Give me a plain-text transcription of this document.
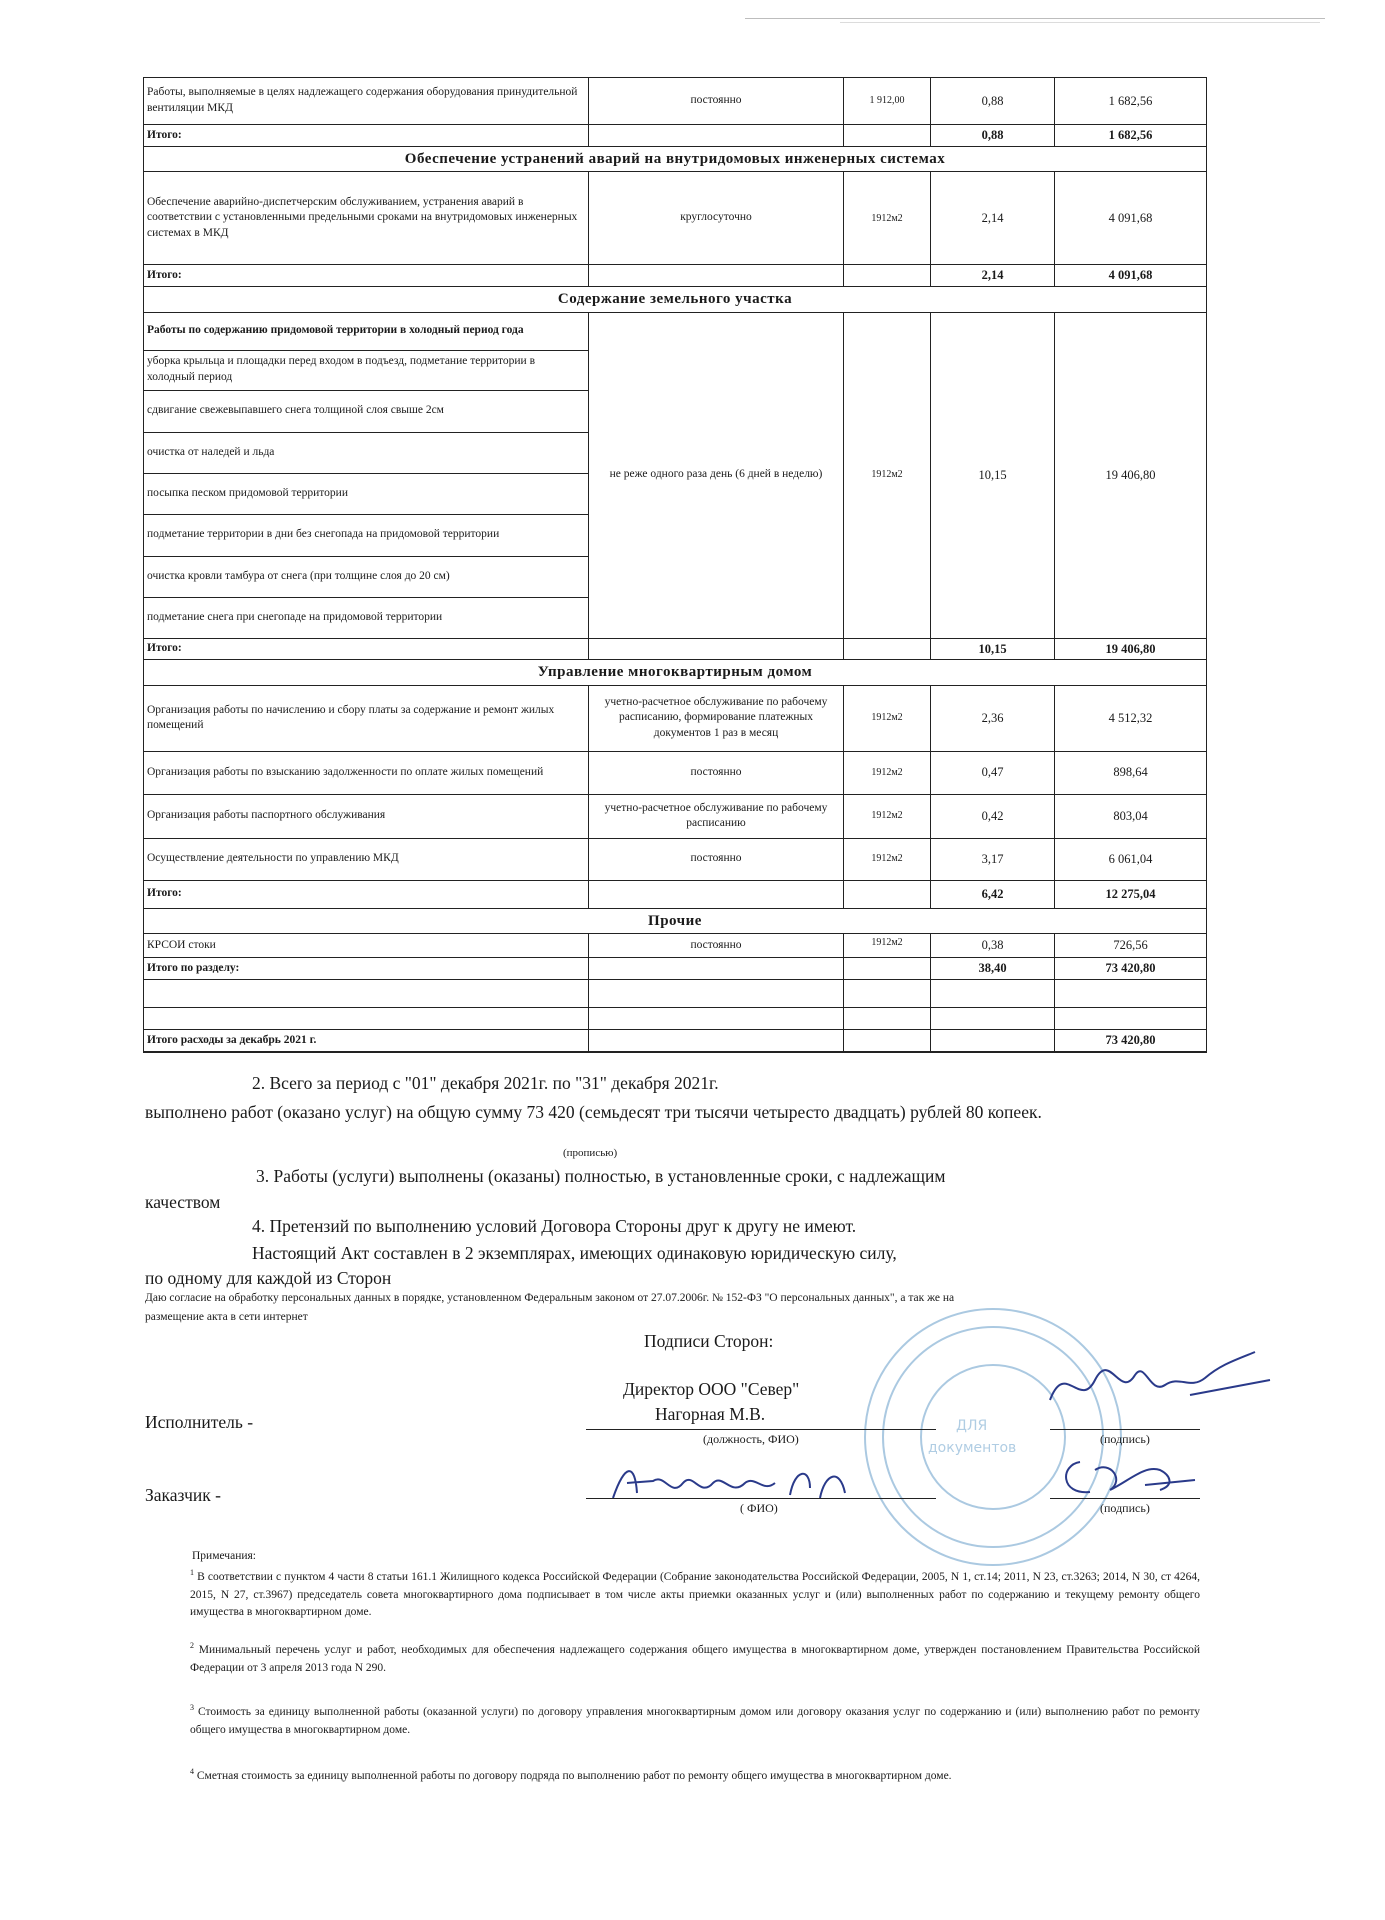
Работы, выполняемые в целях надлежащего содержания оборудования принудительной вентиляции МКД	постоянно	1 912,00	0,88	1 682,56
Итого:			0,88	1 682,56
Обеспечение устранений аварий на внутридомовых инженерных системах				
Обеспечение аварийно-диспетчерским обслуживанием, устранения аварий в соответствии с установленными предельными сроками на внутридомовых инженерных системах в МКД	круглосуточно	1912м2	2,14	4 091,68
Итого:			2,14	4 091,68
Содержание земельного участка				
Работы по содержанию придомовой территории в холодный период года	не реже одного раза день (6 дней в неделю)	1912м2	10,15	19 406,80
уборка крыльца и площадки перед входом в подъезд, подметание территории в холодный период				
сдвигание свежевыпавшего снега толщиной слоя свыше 2см				
очистка от наледей и льда				
посыпка песком придомовой территории				
подметание территории в дни без снегопада на придомовой территории				
очистка кровли тамбура от снега (при толщине слоя до 20 см)				
подметание снега при снегопаде на придомовой территории				
Итого:			10,15	19 406,80
Управление многоквартирным домом				
Организация работы по начислению и сбору платы за содержание и ремонт жилых помещений	учетно-расчетное обслуживание по рабочему расписанию, формирование платежных документов 1 раз в месяц	1912м2	2,36	4 512,32
Организация работы по взысканию задолженности по оплате жилых помещений	постоянно	1912м2	0,47	898,64
Организация работы паспортного обслуживания	учетно-расчетное обслуживание по рабочему расписанию	1912м2	0,42	803,04
Осуществление деятельности по управлению МКД	постоянно	1912м2	3,17	6 061,04
Итого:			6,42	12 275,04
Прочие				
КРСОИ стоки	постоянно	1912м2	0,38	726,56
Итого по разделу:			38,40	73 420,80

Итого расходы за декабрь 2021 г.				73 420,80
2. Всего за период с "01" декабря 2021г. по "31" декабря 2021г.
выполнено работ (оказано услуг) на общую сумму 73 420 (семьдесят три тысячи четыресто двадцать) рублей 80 копеек.
(прописью)
3. Работы (услуги) выполнены (оказаны) полностью, в установленные сроки, с надлежащим
качеством
4. Претензий по выполнению условий Договора Стороны друг к другу не имеют.
Настоящий Акт составлен в 2 экземплярах, имеющих одинаковую юридическую силу,
по одному для каждой из Сторон
Даю согласие на обработку персональных данных в порядке, установленном Федеральным законом от 27.07.2006г. № 152-ФЗ "О персональных данных", а так же на
размещение акта в сети интернет
ДЛЯ
документов
Подписи Сторон:
Директор ООО "Север"
Нагорная М.В.
Исполнитель -
(должность, ФИО)	(подпись)
Заказчик -
( ФИО)	(подпись)
Примечания:
$^1$ В соответствии с пунктом 4 части 8 статьи 161.1 Жилищного кодекса Российской Федерации (Собрание законодательства Российской Федерации, 2005, N 1, ст.14; 2011, N 23, ст.3263; 2014, N 30, ст 4264, 2015, N 27, ст.3967) председатель совета многоквартирного дома подписывает в том числе акты приемки оказанных услуг и (или) выполненных работ по содержанию и текущему ремонту общего имущества в многоквартирном доме.
$^2$ Минимальный перечень услуг и работ, необходимых для обеспечения надлежащего содержания общего имущества в многоквартирном доме, утвержден постановлением Правительства Российской Федерации от 3 апреля 2013 года N 290.
$^3$ Стоимость за единицу выполненной работы (оказанной услуги) по договору управления многоквартирным домом или договору оказания услуг по содержанию и (или) выполнению работ по ремонту общего имущества в многоквартирном доме.
$^4$ Сметная стоимость за единицу выполненной работы по договору подряда по выполнению работ по ремонту общего имущества в многоквартирном доме.
